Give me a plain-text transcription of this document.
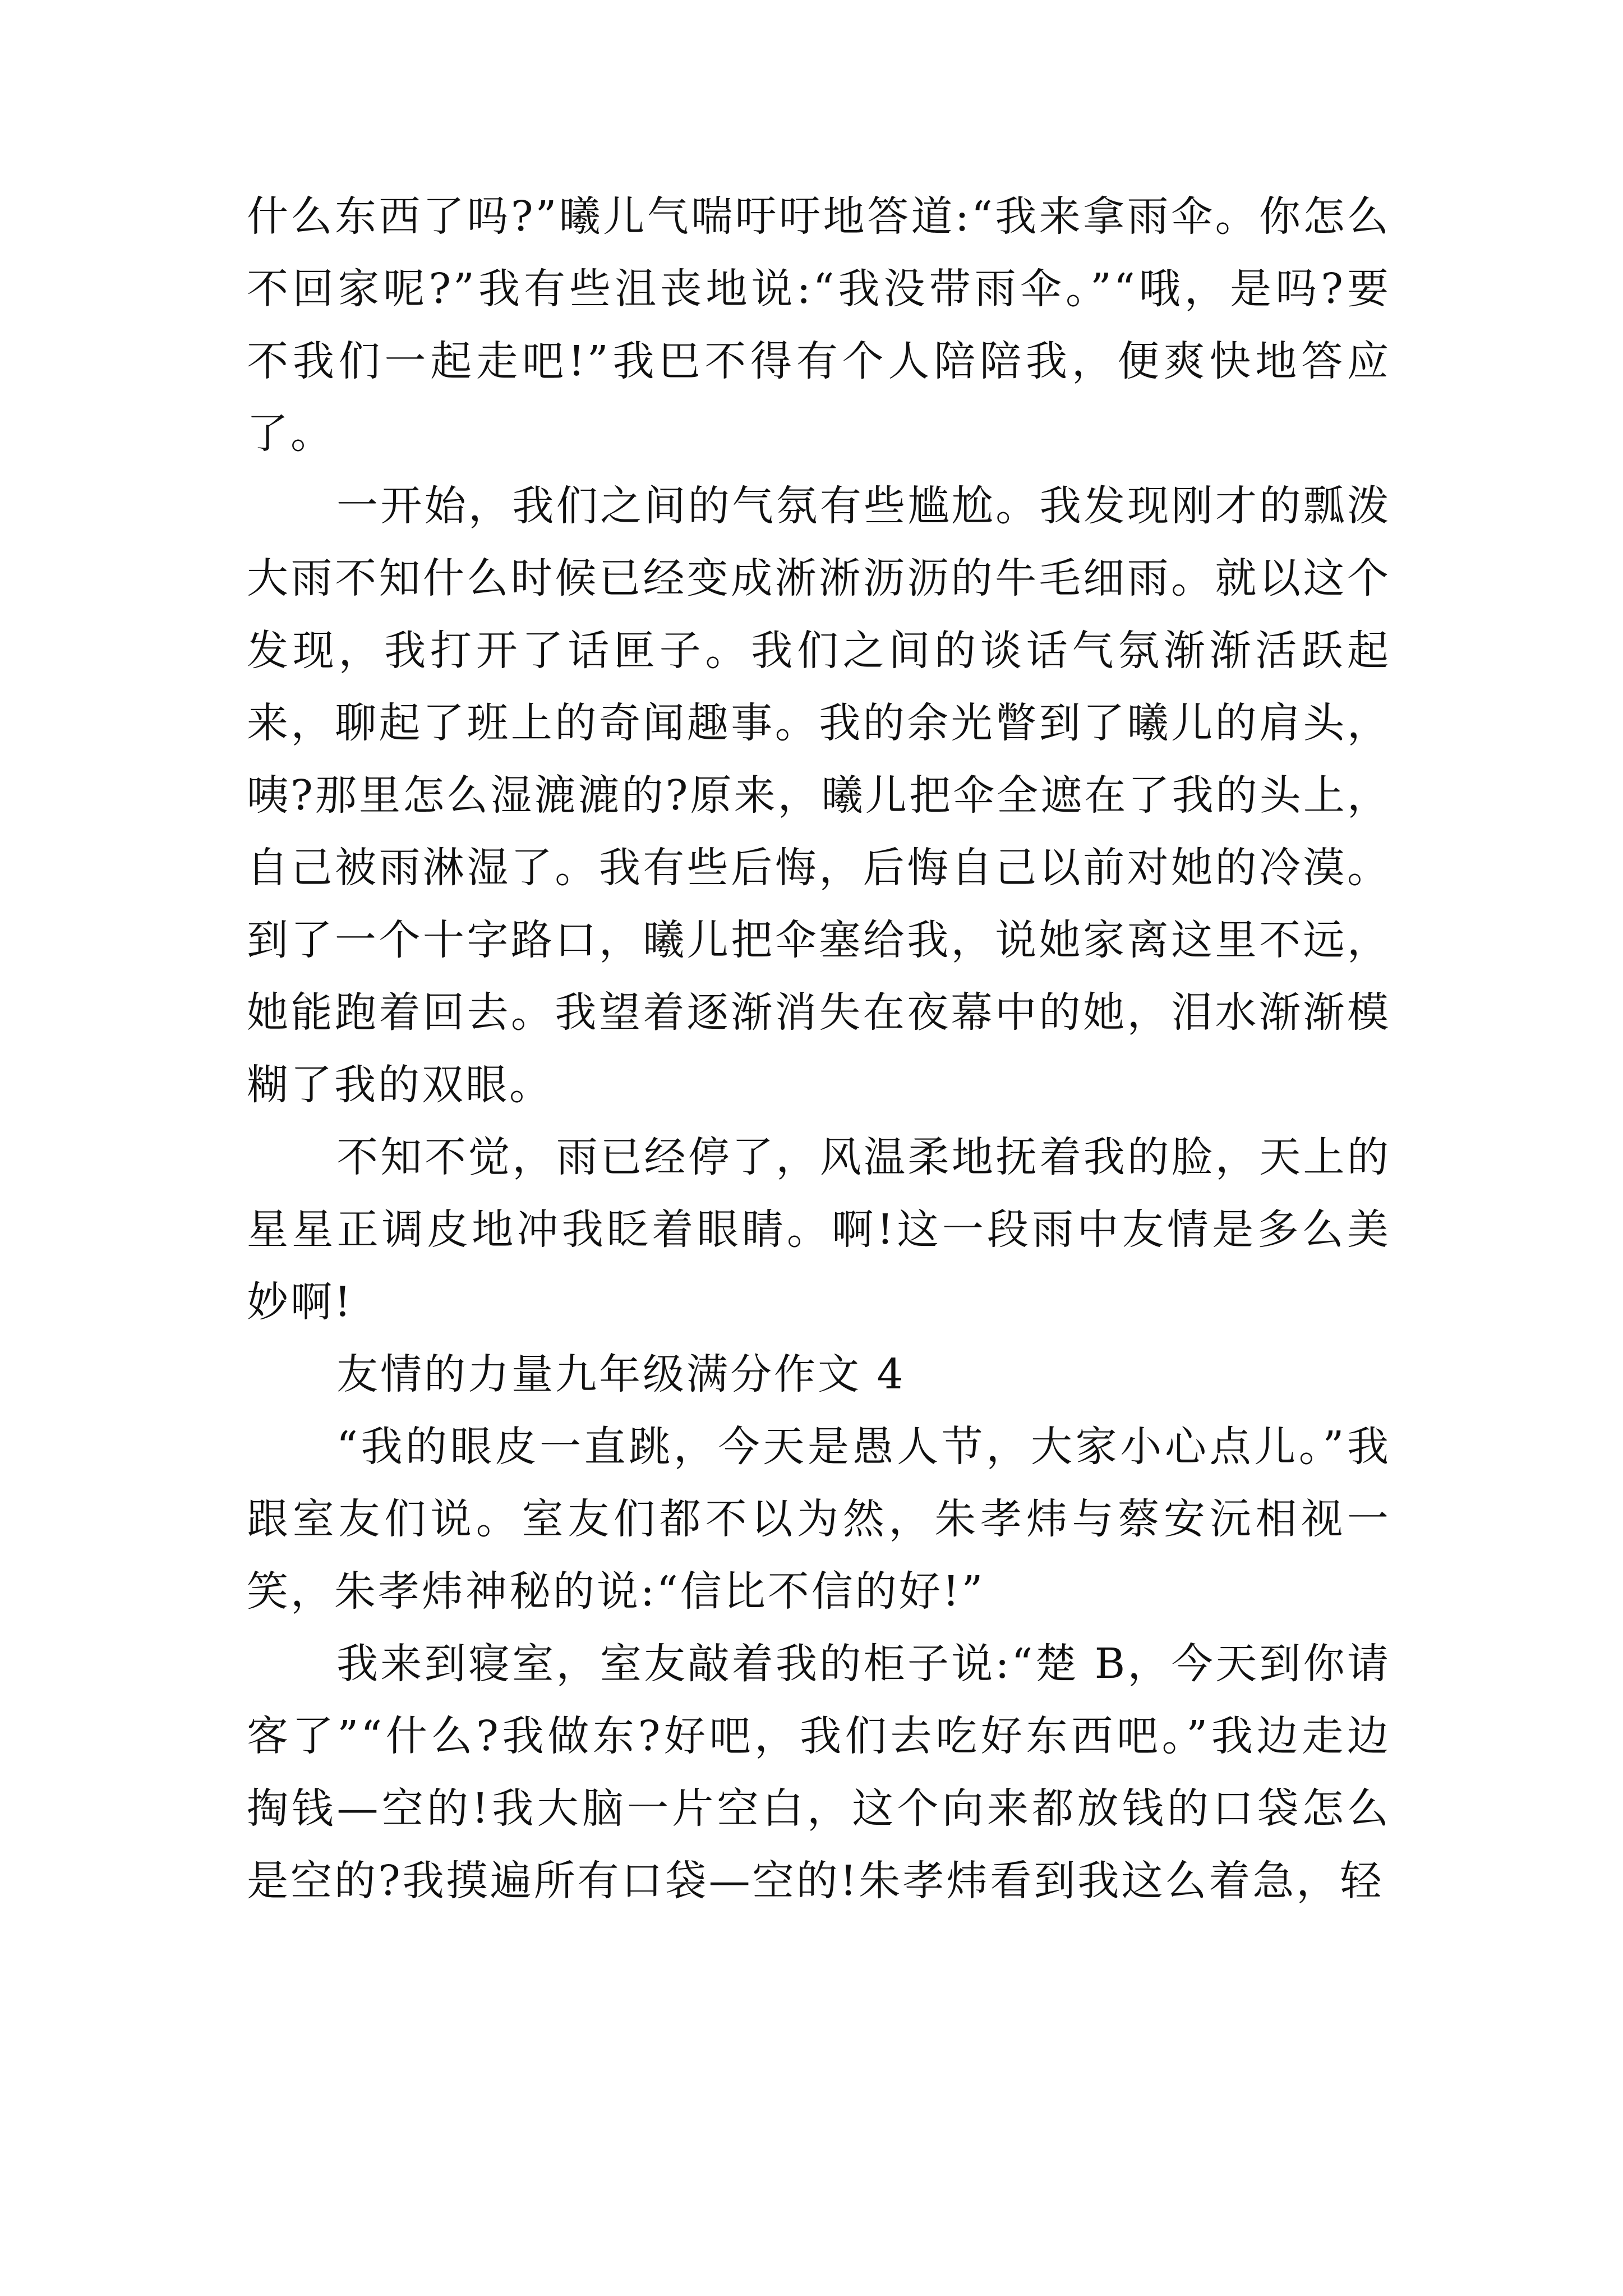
什么东西了吗?”曦儿气喘吁吁地答道:“我来拿雨伞。你怎么不回家呢?”我有些沮丧地说:“我没带雨伞。”“哦，是吗?要不我们一起走吧!”我巴不得有个人陪陪我，便爽快地答应了。

一开始，我们之间的气氛有些尴尬。我发现刚才的瓢泼大雨不知什么时候已经变成淅淅沥沥的牛毛细雨。就以这个发现，我打开了话匣子。我们之间的谈话气氛渐渐活跃起来，聊起了班上的奇闻趣事。我的余光瞥到了曦儿的肩头，咦?那里怎么湿漉漉的?原来，曦儿把伞全遮在了我的头上，自己被雨淋湿了。我有些后悔，后悔自己以前对她的冷漠。到了一个十字路口，曦儿把伞塞给我，说她家离这里不远，她能跑着回去。我望着逐渐消失在夜幕中的她，泪水渐渐模糊了我的双眼。

不知不觉，雨已经停了，风温柔地抚着我的脸，天上的星星正调皮地冲我眨着眼睛。啊!这一段雨中友情是多么美妙啊!

友情的力量九年级满分作文 4

“我的眼皮一直跳，今天是愚人节，大家小心点儿。”我跟室友们说。室友们都不以为然，朱孝炜与蔡安沅相视一笑，朱孝炜神秘的说:“信比不信的好!”

我来到寝室，室友敲着我的柜子说:“楚 B，今天到你请客了”“什么?我做东?好吧，我们去吃好东西吧。”我边走边掏钱—空的!我大脑一片空白，这个向来都放钱的口袋怎么是空的?我摸遍所有口袋—空的!朱孝炜看到我这么着急，轻
